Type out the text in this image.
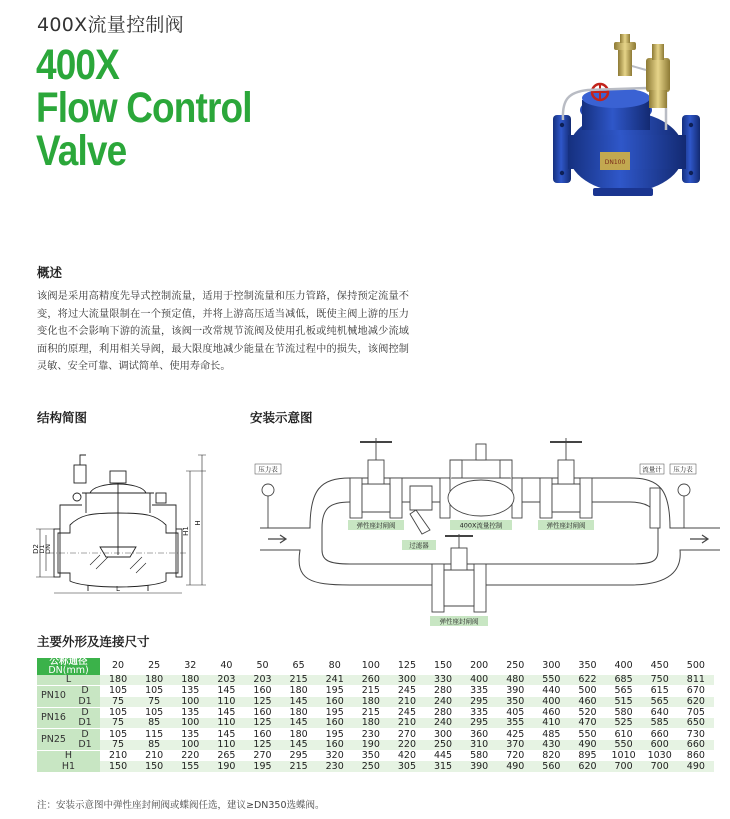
400X流量控制阀
400X
Flow Control
Valve	DN100
概述
该阀是采用高精度先导式控制流量，适用于控制流量和压力管路，保持预定流量不变，将过大流量限制在一个预定值，并将上游高压适当减低，既使主阀上游的压力变化也不会影响下游的流量，该阀一改常规节流阀及使用孔板或纯机械地减少流域面积的原理，利用相关导阀，最大限度地减少能量在节流过程中的损失，该阀控制灵敏、安全可靠、调试简单、使用寿命长。
结构简图	安装示意图
H1
H
D2
D1
DN
L
压力表	流量计 压力表
弹性座封闸阀	400X流量控制	弹性座封闸阀
过滤器
弹性座封闸阀
主要外形及连接尺寸
公称通径
DN(mm)		20	25	32	40	50	65	80	100	125	150	200	250	300	350	400	450	500
L		180	180	180	203	203	215	241	260	300	330	400	480	550	622	685	750	811
PN10	D	105	105	135	145	160	180	195	215	245	280	335	390	440	500	565	615	670
	D1	75	75	100	110	125	145	160	180	210	240	295	350	400	460	515	565	620
PN16	D	105	105	135	145	160	180	195	215	245	280	335	405	460	520	580	640	705
	D1	75	85	100	110	125	145	160	180	210	240	295	355	410	470	525	585	650
PN25	D	105	115	135	145	160	180	195	230	270	300	360	425	485	550	610	660	730
	D1	75	85	100	110	125	145	160	190	220	250	310	370	430	490	550	600	660
H		210	210	220	265	270	295	320	350	420	445	580	720	820	895	1010	1030	860
H1		150	150	155	190	195	215	230	250	305	315	390	490	560	620	700	700	490
注：安装示意图中弹性座封闸阀或蝶阀任选，建议≥DN350选蝶阀。
